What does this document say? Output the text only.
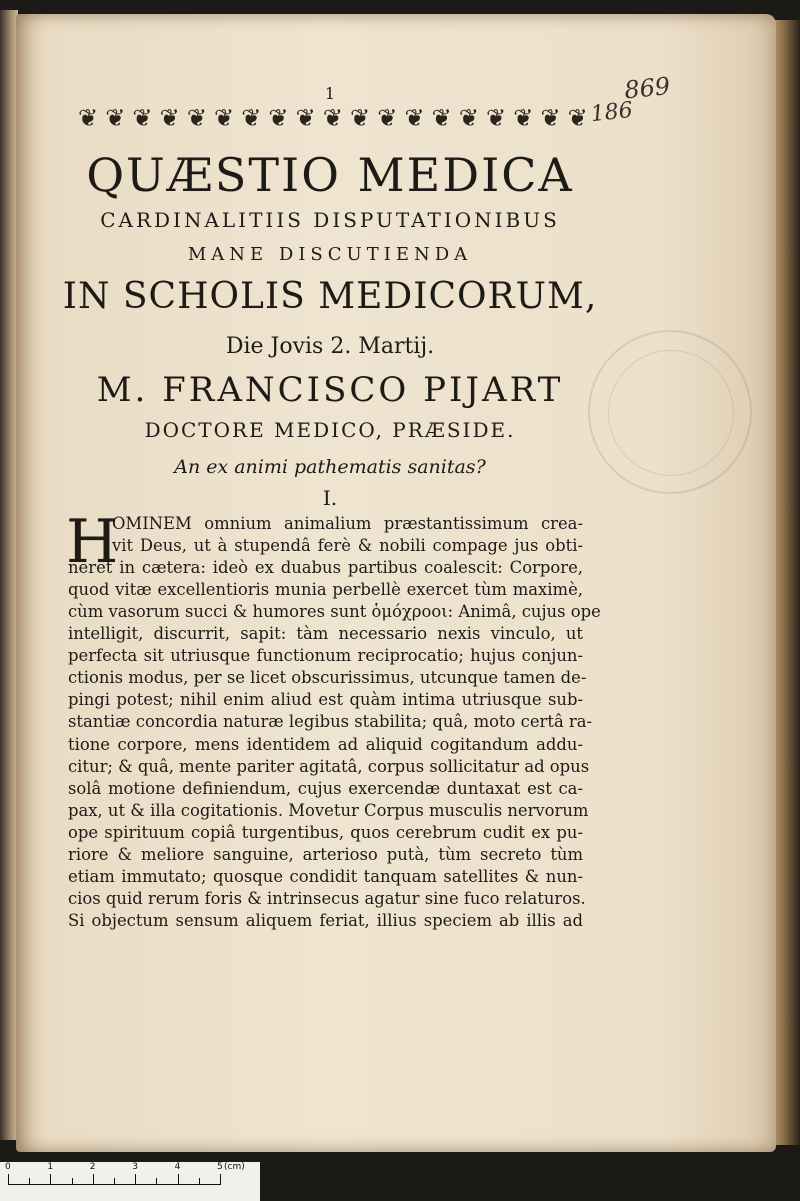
1
❦ ❦ ❦ ❦ ❦ ❦ ❦ ❦ ❦ ❦ ❦ ❦ ❦ ❦ ❦ ❦ ❦ ❦ ❦ 186
869
QUÆSTIO MEDICA
CARDINALITIIS DISPUTATIONIBUS
MANE DISCUTIENDA
IN SCHOLIS MEDICORUM,
Die Jovis 2. Martij.
M. FRANCISCO PIJART
DOCTORE MEDICO, PRÆSIDE.
An ex animi pathematis sanitas?
I.
H
OMINEM omnium animalium præstantissimum crea-
vit Deus, ut à stupendâ ferè & nobili compage jus obti-
neret in cætera: ideò ex duabus partibus coalescit: Corpore,
quod vitæ excellentioris munia perbellè exercet tùm maximè,
cùm vasorum succi & humores sunt ὁμόχροοι: Animâ, cujus ope
intelligit, discurrit, sapit: tàm necessario nexis vinculo, ut
perfecta sit utriusque functionum reciprocatio; hujus conjun-
ctionis modus, per se licet obscurissimus, utcunque tamen de-
pingi potest; nihil enim aliud est quàm intima utriusque sub-
stantiæ concordia naturæ legibus stabilita; quâ, moto certâ ra-
tione corpore, mens identidem ad aliquid cogitandum addu-
citur; & quâ, mente pariter agitatâ, corpus sollicitatur ad opus
solâ motione definiendum, cujus exercendæ duntaxat est ca-
pax, ut & illa cogitationis. Movetur Corpus musculis nervorum
ope spirituum copiâ turgentibus, quos cerebrum cudit ex pu-
riore & meliore sanguine, arterioso putà, tùm secreto tùm
etiam immutato; quosque condidit tanquam satellites & nun-
cios quid rerum foris & intrinsecus agatur sine fuco relaturos.
Si objectum sensum aliquem feriat, illius speciem ab illis ad
(cm)
0	1	2	3	4	5
